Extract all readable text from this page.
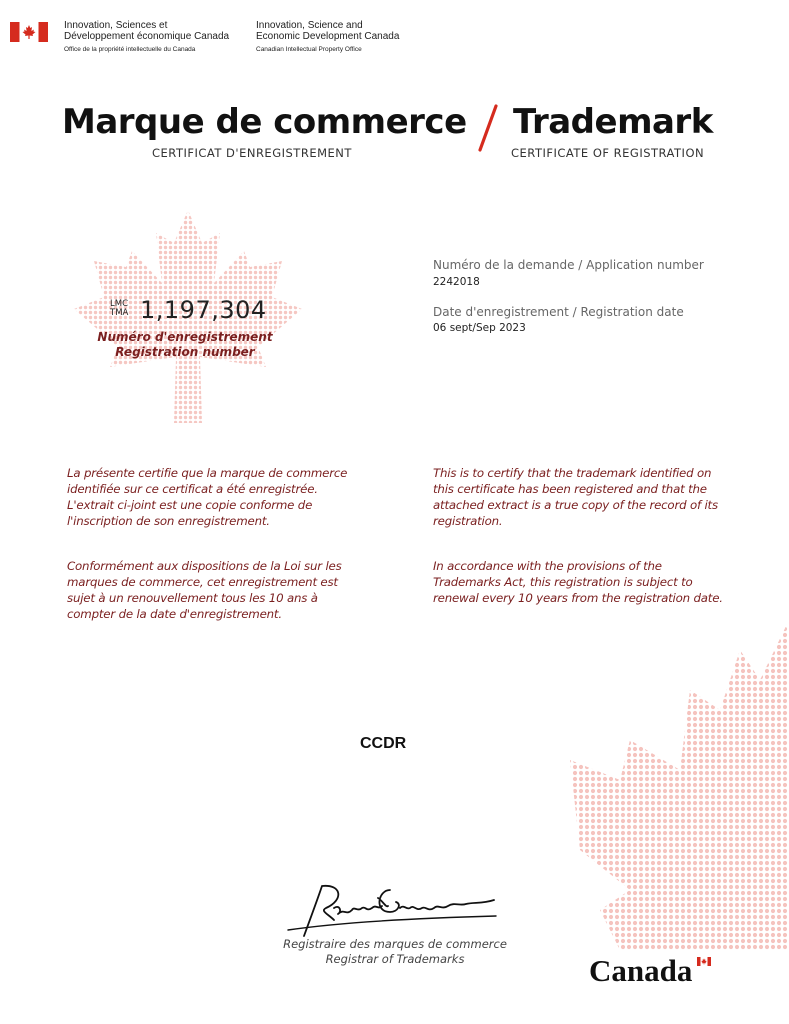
Innovation, Sciences et
Développement économique Canada
Office de la propriété intellectuelle du Canada
Innovation, Science and
Economic Development Canada
Canadian Intellectual Property Office
Marque de commerce Trademark
CERTIFICAT D'ENREGISTREMENT	CERTIFICATE OF REGISTRATION
LMC
TMA 1,197,304
Numéro d'enregistrement
Registration number
Numéro de la demande / Application number
2242018
Date d'enregistrement / Registration date
06 sept/Sep 2023
La présente certifie que la marque de commerce identifiée sur ce certificat a été enregistrée. L'extrait ci-joint est une copie conforme de l'inscription de son enregistrement.
Conformément aux dispositions de la Loi sur les marques de commerce, cet enregistrement est sujet à un renouvellement tous les 10 ans à compter de la date d'enregistrement.
This is to certify that the trademark identified on this certificate has been registered and that the attached extract is a true copy of the record of its registration.
In accordance with the provisions of the Trademarks Act, this registration is subject to renewal every 10 years from the registration date.
CCDR
Registraire des marques de commerce
Registrar of Trademarks	Canada
